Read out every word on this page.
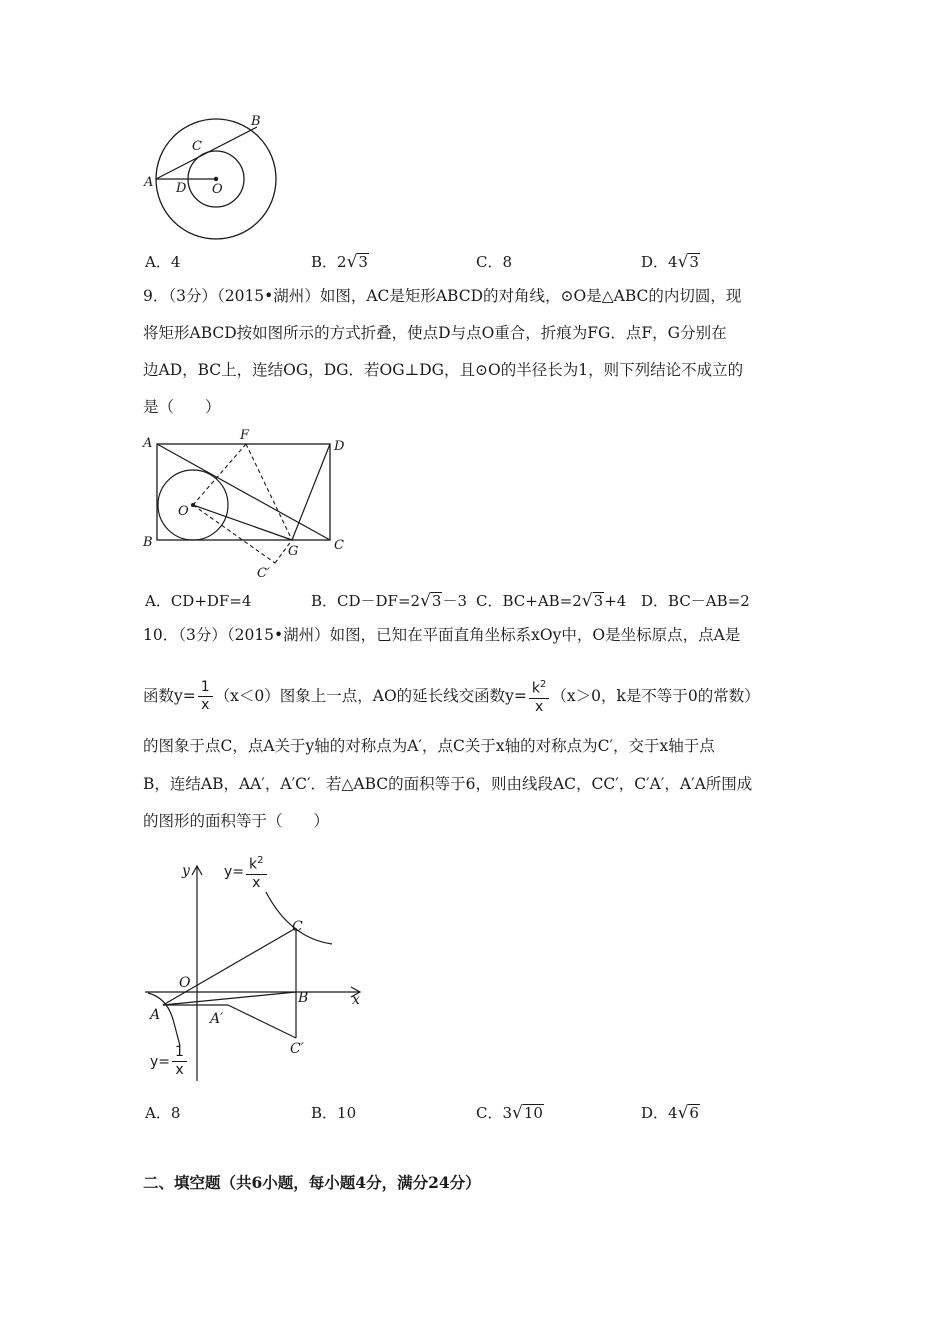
A
B
C
D O
A．4	B．2√3	C．8	D．4√3
9．（3分）（2015•湖州）如图，AC是矩形ABCD的对角线，⊙O是△ABC的内切圆，现
将矩形ABCD按如图所示的方式折叠，使点D与点O重合，折痕为FG．点F，G分别在
边AD，BC上，连结OG，DG．若OG⊥DG，且⊙O的半径长为1，则下列结论不成立的
是（　　）
A
B	C
D
F
G
O
C′
A．CD+DF=4	B．CD－DF=2√3－3 C．BC+AB=2√3+4 D．BC－AB=2
10．（3分）（2015•湖州）如图，已知在平面直角坐标系xOy中，O是坐标原点，点A是
函数$y= \frac{1}{x} (x<0)$图象上一点，AO的延长线交函数$y= \frac{k^2}{x} (x>0$，k是不等于0的常数）
的图象于点C，点A关于y轴的对称点为A′，点C关于x轴的对称点为C′，交于x轴于点
B，连结AB，AA′，A′C′．若△ABC的面积等于6，则由线段AC，CC′，C′A′，A′A所围成
的图形的面积等于（　　）
y
x
O
C
B
A	A′
C′
$y= \frac{k^2}{x}$
$y= \frac{1}{x}$
A．8	B．10	C．3√10	D．4√6
二、填空题（共6小题，每小题4分，满分24分）
